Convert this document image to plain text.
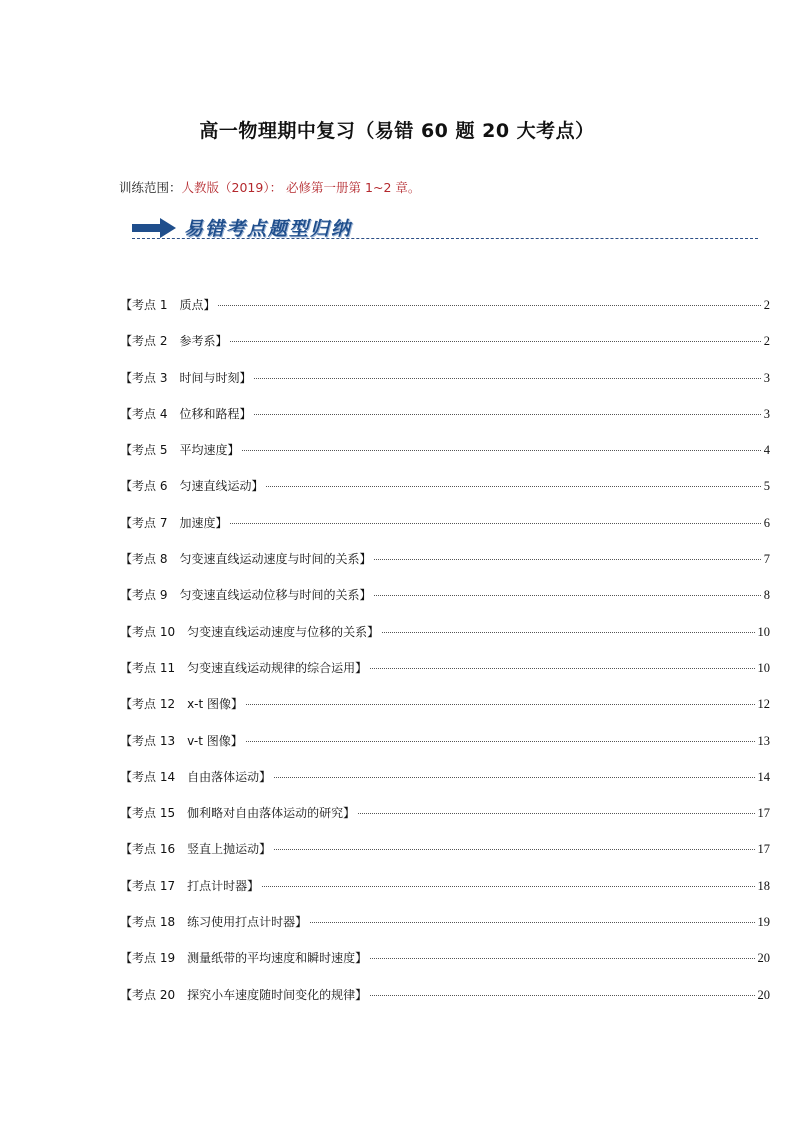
高一物理期中复习（易错 60 题 20 大考点）
训练范围：人教版（2019）： 必修第一册第 1~2 章。
易错考点题型归纳
【考点 1　质点】	2
【考点 2　参考系】	2
【考点 3　时间与时刻】	3
【考点 4　位移和路程】	3
【考点 5　平均速度】	4
【考点 6　匀速直线运动】	5
【考点 7　加速度】	6
【考点 8　匀变速直线运动速度与时间的关系】	7
【考点 9　匀变速直线运动位移与时间的关系】	8
【考点 10　匀变速直线运动速度与位移的关系】	10
【考点 11　匀变速直线运动规律的综合运用】	10
【考点 12　x-t 图像】	12
【考点 13　v-t 图像】	13
【考点 14　自由落体运动】	14
【考点 15　伽利略对自由落体运动的研究】	17
【考点 16　竖直上抛运动】	17
【考点 17　打点计时器】	18
【考点 18　练习使用打点计时器】	19
【考点 19　测量纸带的平均速度和瞬时速度】	20
【考点 20　探究小车速度随时间变化的规律】	20
